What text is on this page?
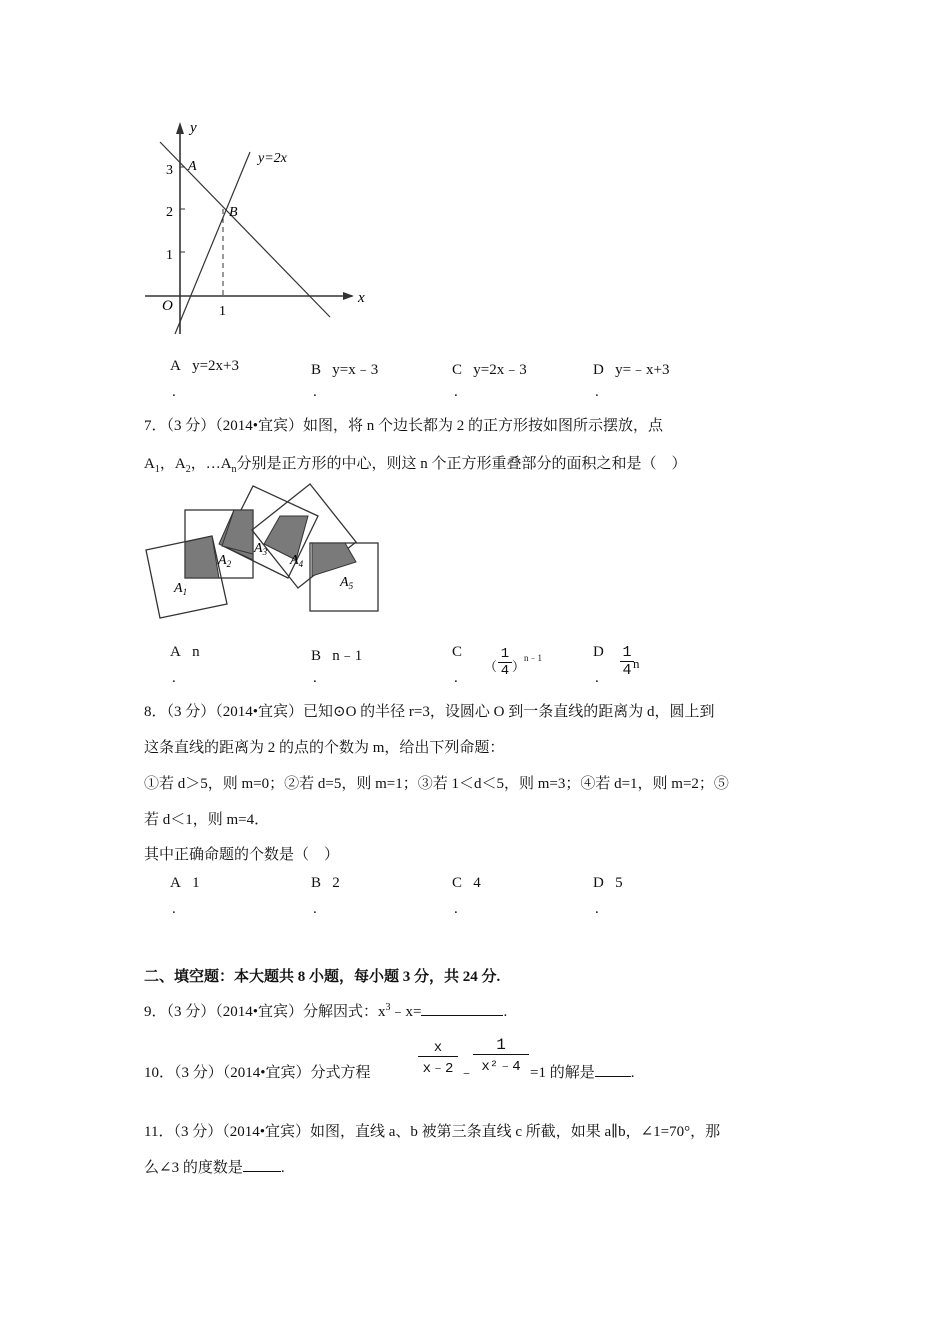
y
x
O
3
2
1
1
A
B
y=2x
A y=2x+3	B y=x﹣3	C y=2x﹣3	D y=﹣x+3
.	.	.	.
7．（3 分）（2014•宜宾）如图，将 n 个边长都为 2 的正方形按如图所示摆放，点
$A_1$，$A_2$，$\dots A_n$分别是正方形的中心，则这 n 个正方形重叠部分的面积之和是（　）
$A_1$
$A_2$
$A_3$
$A_4$
$A_5$
A n	B n﹣1	C
（ $\frac{1}{4}$ ）
n﹣1	D $\frac{1}{4}$ n
.	.	.	.
8．（3 分）（2014•宜宾）已知⊙O 的半径 r=3，设圆心 O 到一条直线的距离为 d，圆上到
这条直线的距离为 2 的点的个数为 m，给出下列命题：
①若 d＞5，则 m=0；②若 d=5，则 m=1；③若 1＜d＜5，则 m=3；④若 d=1，则 m=2；⑤
若 d＜1，则 m=4．
其中正确命题的个数是（　）
A 1	B 2	C 4	D 5
.	.	.	.
二、填空题：本大题共 8 小题，每小题 3 分，共 24 分.
9．（3 分）（2014•宜宾）分解因式：$x^3﹣x=$	.
10．（3 分）（2014•宜宾）分式方程	$\frac{x}{x﹣2}$ ﹣
$\frac{1}{\text{x²﹣4}} =1$ 的解是 .
11．（3 分）（2014•宜宾）如图，直线 a、b 被第三条直线 c 所截，如果 a∥b，∠1=70°，那
么∠3 的度数是	.
